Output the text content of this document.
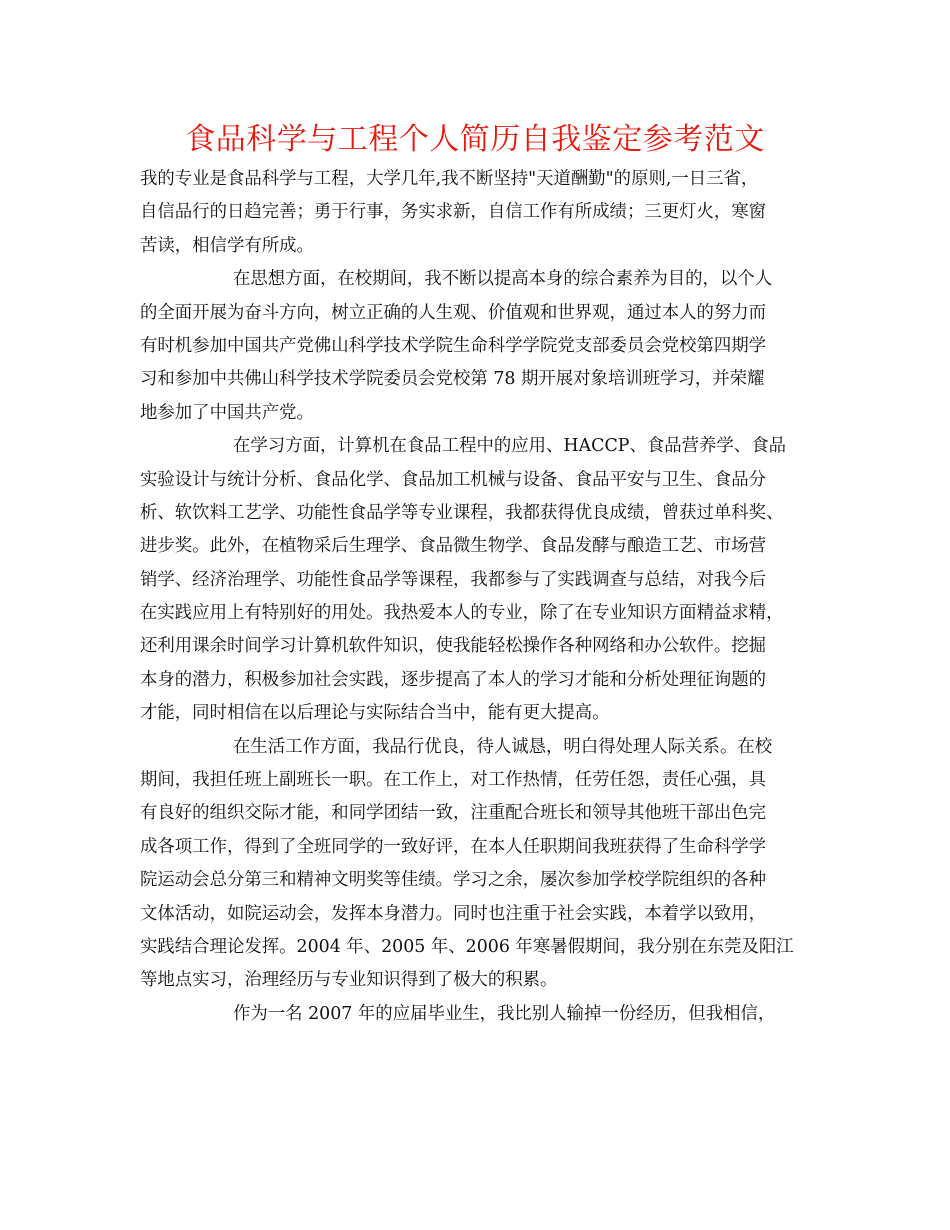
食品科学与工程个人简历自我鉴定参考范文
我的专业是食品科学与工程，大学几年,我不断坚持"天道酬勤"的原则,一日三省，
自信品行的日趋完善；勇于行事，务实求新，自信工作有所成绩；三更灯火，寒窗
苦读，相信学有所成。
在思想方面，在校期间，我不断以提高本身的综合素养为目的，以个人
的全面开展为奋斗方向，树立正确的人生观、价值观和世界观，通过本人的努力而
有时机参加中国共产党佛山科学技术学院生命科学学院党支部委员会党校第四期学
习和参加中共佛山科学技术学院委员会党校第 78 期开展对象培训班学习，并荣耀
地参加了中国共产党。
在学习方面，计算机在食品工程中的应用、HACCP、食品营养学、食品
实验设计与统计分析、食品化学、食品加工机械与设备、食品平安与卫生、食品分
析、软饮料工艺学、功能性食品学等专业课程，我都获得优良成绩，曾获过单科奖、
进步奖。此外，在植物采后生理学、食品微生物学、食品发酵与酿造工艺、市场营
销学、经济治理学、功能性食品学等课程，我都参与了实践调查与总结，对我今后
在实践应用上有特别好的用处。我热爱本人的专业，除了在专业知识方面精益求精，
还利用课余时间学习计算机软件知识，使我能轻松操作各种网络和办公软件。挖掘
本身的潜力，积极参加社会实践，逐步提高了本人的学习才能和分析处理征询题的
才能，同时相信在以后理论与实际结合当中，能有更大提高。
在生活工作方面，我品行优良，待人诚恳，明白得处理人际关系。在校
期间，我担任班上副班长一职。在工作上，对工作热情，任劳任怨，责任心强，具
有良好的组织交际才能，和同学团结一致，注重配合班长和领导其他班干部出色完
成各项工作，得到了全班同学的一致好评，在本人任职期间我班获得了生命科学学
院运动会总分第三和精神文明奖等佳绩。学习之余，屡次参加学校学院组织的各种
文体活动，如院运动会，发挥本身潜力。同时也注重于社会实践，本着学以致用，
实践结合理论发挥。2004 年、2005 年、2006 年寒暑假期间，我分别在东莞及阳江
等地点实习，治理经历与专业知识得到了极大的积累。
作为一名 2007 年的应届毕业生，我比别人输掉一份经历，但我相信，
